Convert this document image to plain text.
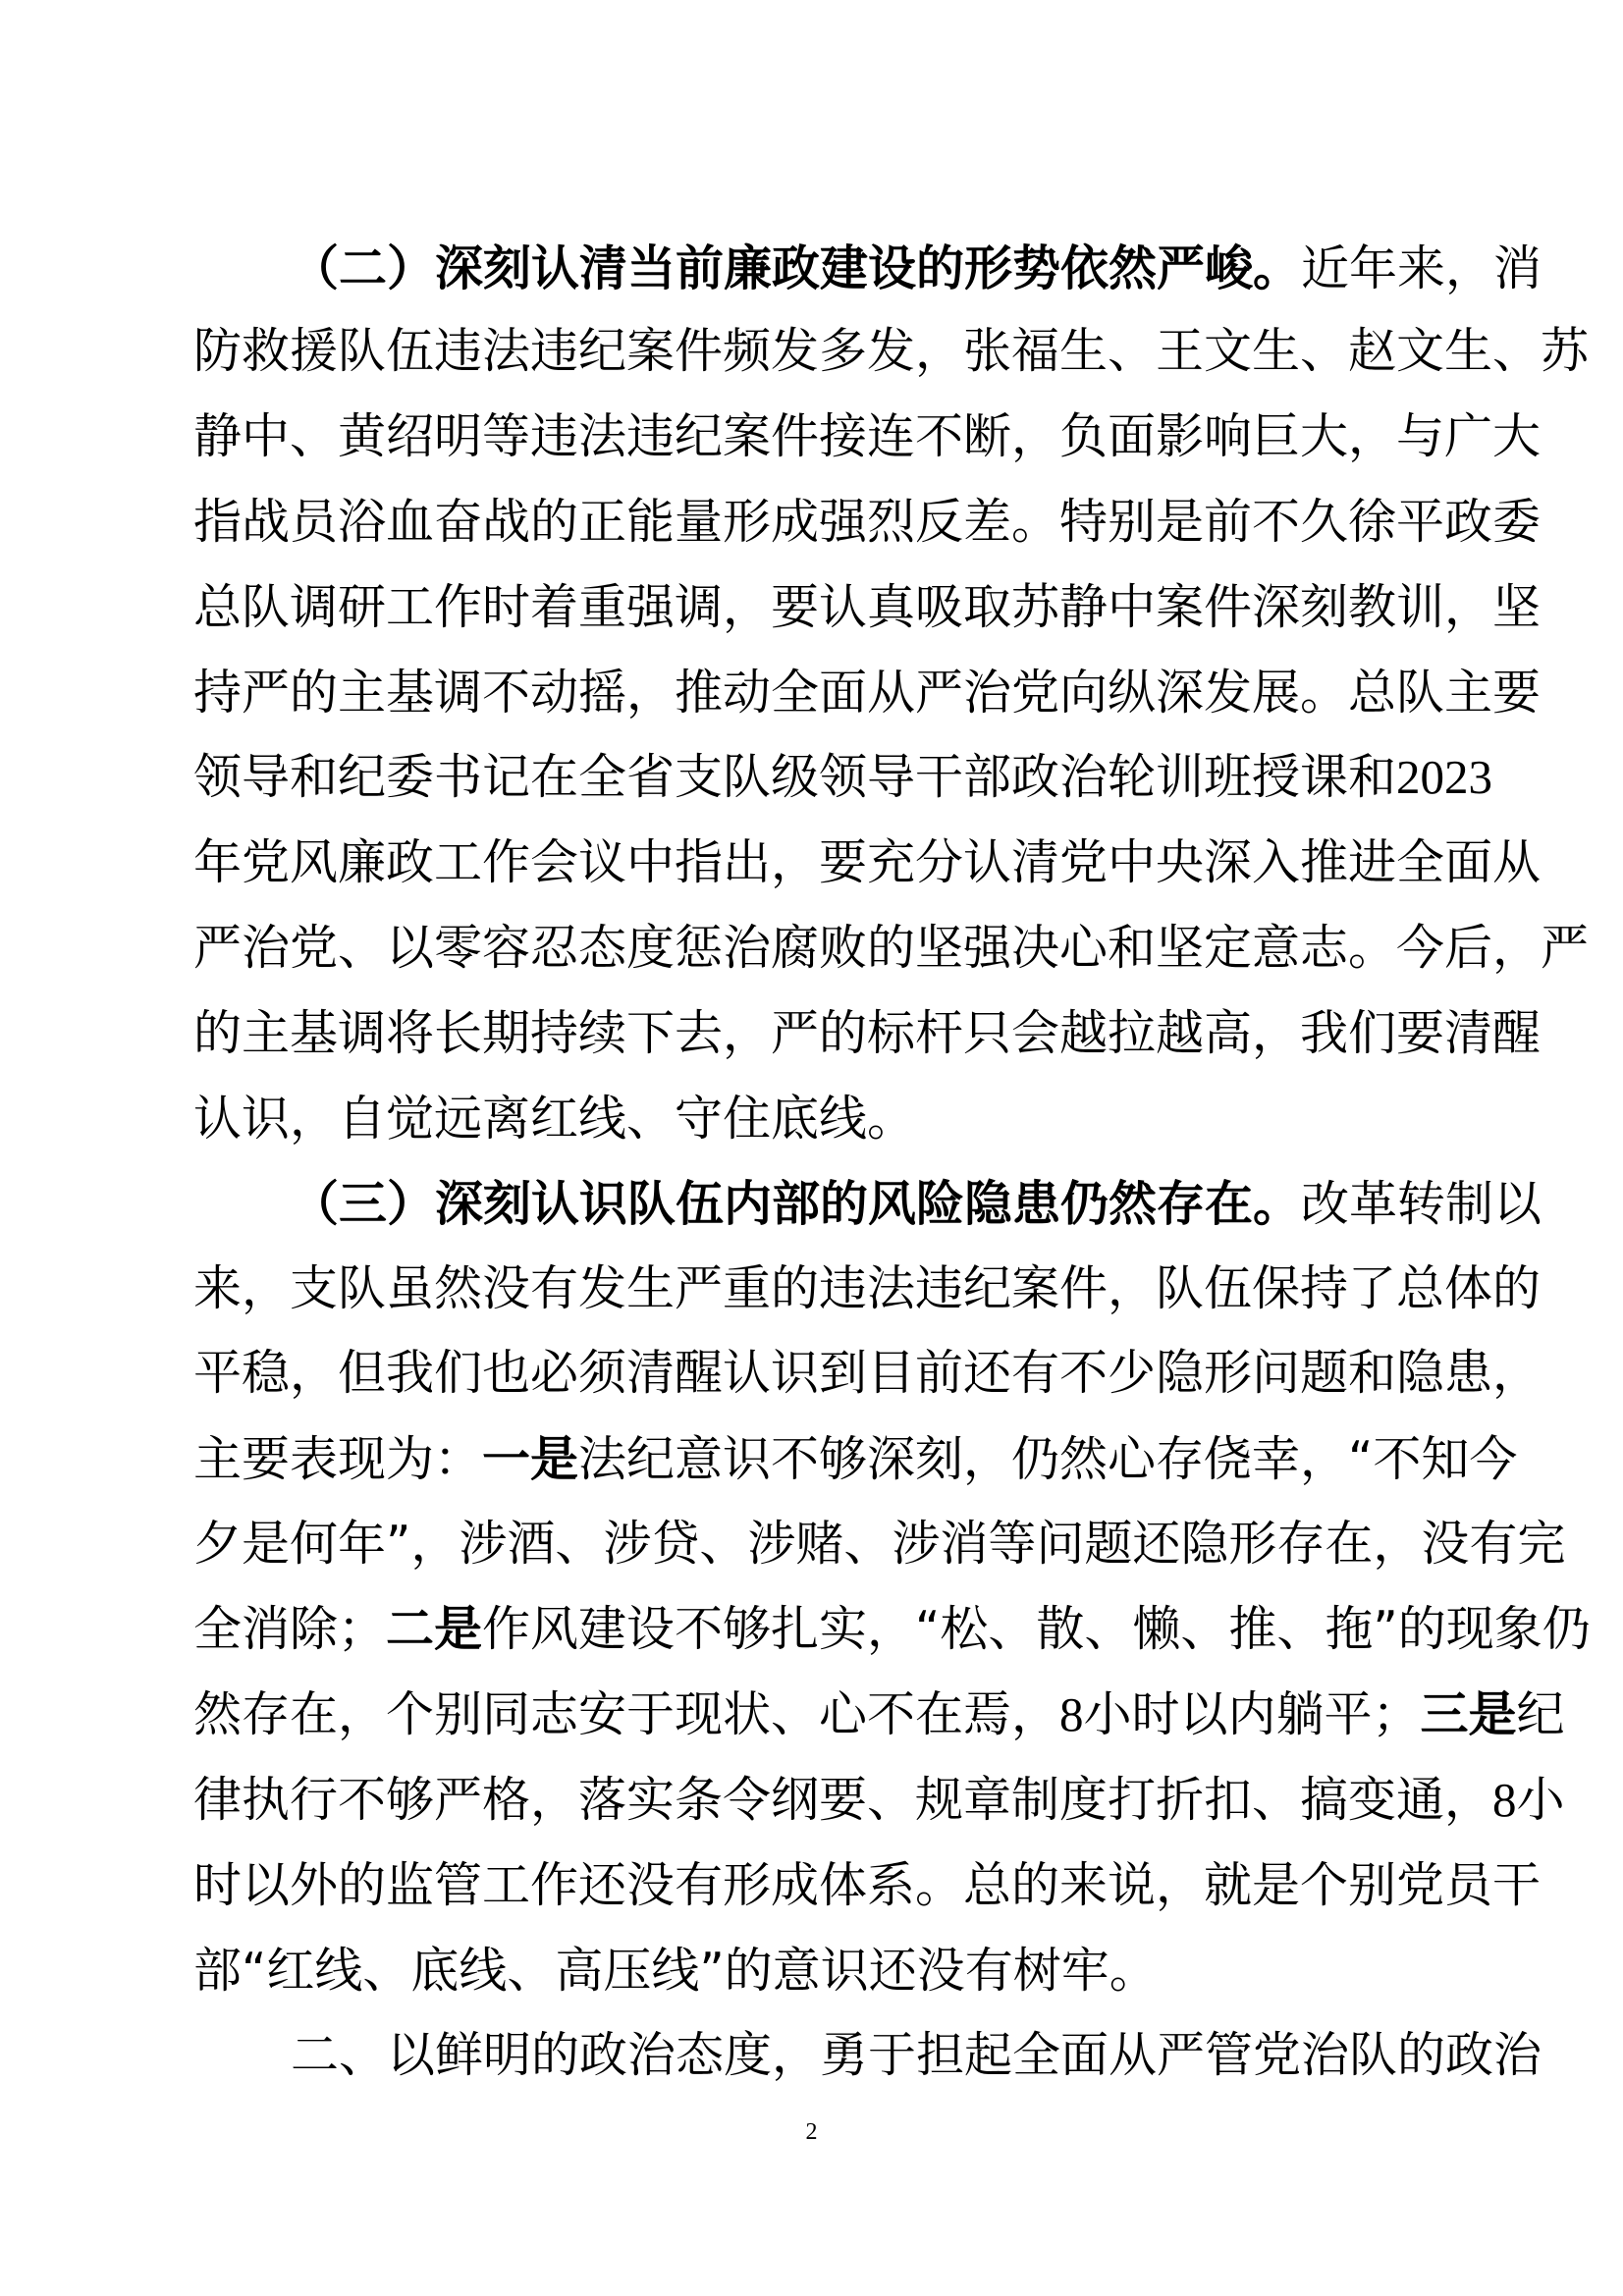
（二）深刻认清当前廉政建设的形势依然严峻。近年来，消
防救援队伍违法违纪案件频发多发，张福生、王文生、赵文生、苏
静中、黄绍明等违法违纪案件接连不断，负面影响巨大，与广大
指战员浴血奋战的正能量形成强烈反差。特别是前不久徐平政委
总队调研工作时着重强调，要认真吸取苏静中案件深刻教训，坚
持严的主基调不动摇，推动全面从严治党向纵深发展。总队主要
领导和纪委书记在全省支队级领导干部政治轮训班授课和2023
年党风廉政工作会议中指出，要充分认清党中央深入推进全面从
严治党、以零容忍态度惩治腐败的坚强决心和坚定意志。今后，严
的主基调将长期持续下去，严的标杆只会越拉越高，我们要清醒
认识，自觉远离红线、守住底线。
（三）深刻认识队伍内部的风险隐患仍然存在。改革转制以
来，支队虽然没有发生严重的违法违纪案件，队伍保持了总体的
平稳，但我们也必须清醒认识到目前还有不少隐形问题和隐患，
主要表现为：一是法纪意识不够深刻，仍然心存侥幸，“不知今
夕是何年”，涉酒、涉贷、涉赌、涉消等问题还隐形存在，没有完
全消除；二是作风建设不够扎实，“松、散、懒、推、拖”的现象仍
然存在，个别同志安于现状、心不在焉，8小时以内躺平；三是纪
律执行不够严格，落实条令纲要、规章制度打折扣、搞变通，8小
时以外的监管工作还没有形成体系。总的来说，就是个别党员干
部“红线、底线、高压线”的意识还没有树牢。
二、以鲜明的政治态度，勇于担起全面从严管党治队的政治
2
